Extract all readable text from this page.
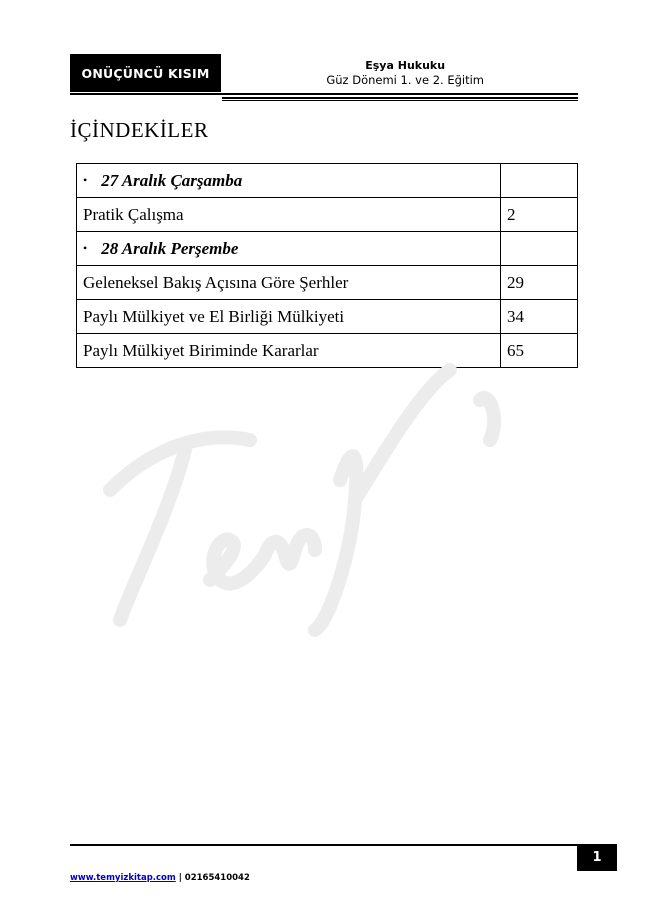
ONÜÇÜNCÜ KISIM	Eşya Hukuku
Güz Dönemi 1. ve 2. Eğitim
İÇİNDEKİLER
• 27 Aralık Çarşamba	
Pratik Çalışma	2
• 28 Aralık Perşembe	
Geleneksel Bakış Açısına Göre Şerhler	29
Paylı Mülkiyet ve El Birliği Mülkiyeti	34
Paylı Mülkiyet Biriminde Kararlar	65
1
www.temyizkitap.com | 02165410042
